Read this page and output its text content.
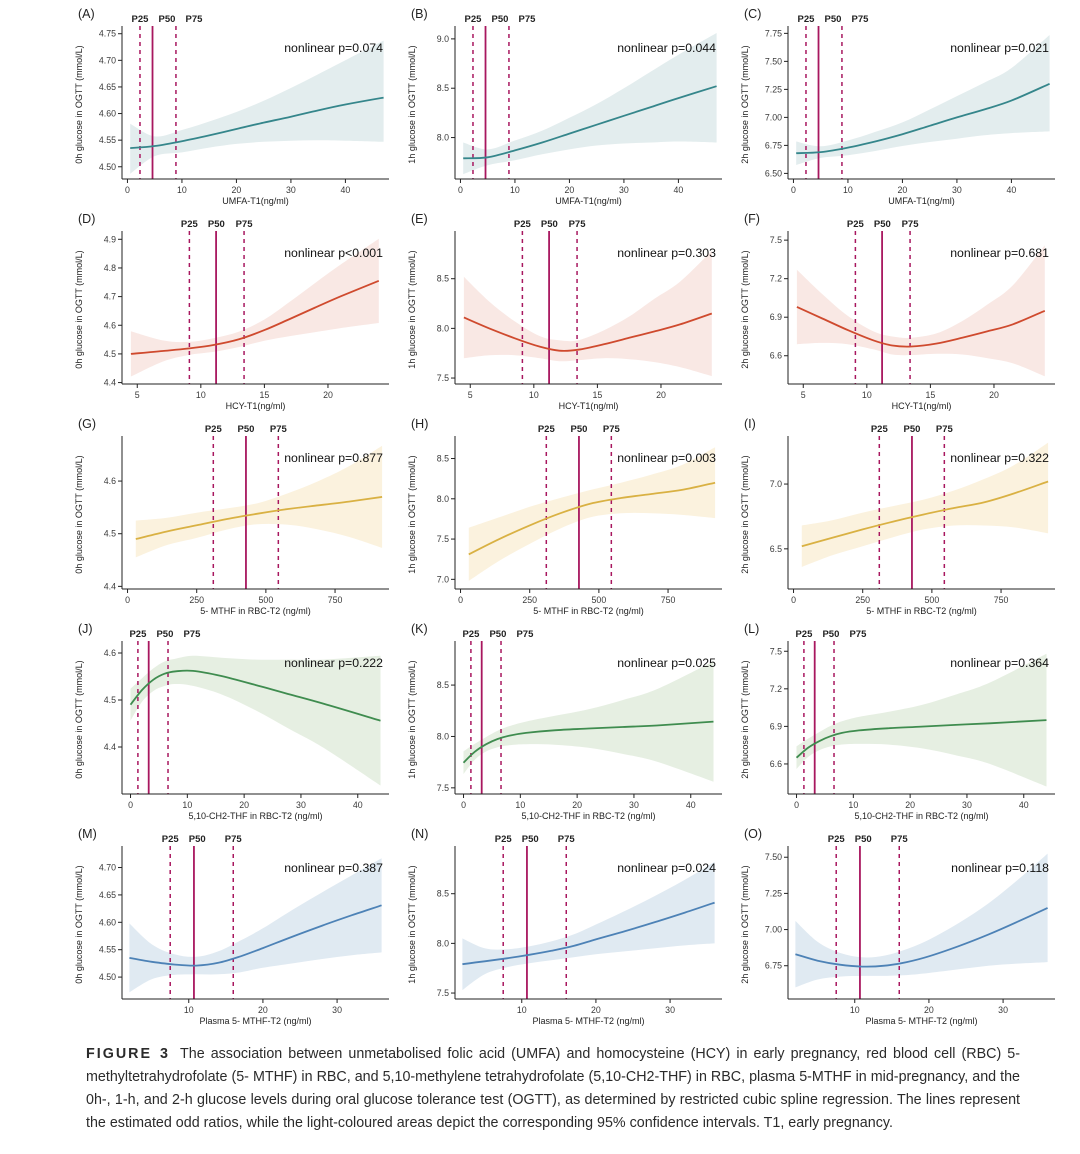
P25 P50 P75
4.50
4.55
4.60
4.65
4.70
4.75
0	10	20	30	40
UMFA-T1(ng/ml)
0h glucose in OGTT (mmol/L)
(A)
nonlinear p=0.074
P25 P50 P75
8.0
8.5
9.0
0	10	20	30	40
UMFA-T1(ng/ml)
1h glucose in OGTT (mmol/L)
(B)
nonlinear p=0.044
P25 P50 P75
6.50
6.75
7.00
7.25
7.50
7.75
0	10	20	30	40
UMFA-T1(ng/ml)
2h glucose in OGTT (mmol/L)
(C)
nonlinear p=0.021
P25 P50 P75
4.4
4.5
4.6
4.7
4.8
4.9
5	10	15	20
HCY-T1(ng/ml)
0h glucose in OGTT (mmol/L)
(D)
nonlinear p<0.001
P25 P50 P75
7.5
8.0
8.5
5	10	15	20
HCY-T1(ng/ml)
1h glucose in OGTT (mmol/L)
(E)
nonlinear p=0.303
P25 P50 P75
6.6
6.9
7.2
7.5
5	10	15	20
HCY-T1(ng/ml)
2h glucose in OGTT (mmol/L)
(F)
nonlinear p=0.681
P25 P50 P75
4.4
4.5
4.6
0	250	500	750
5- MTHF in RBC-T2 (ng/ml)
0h glucose in OGTT (mmol/L)
(G)
nonlinear p=0.877
P25 P50 P75
7.0
7.5
8.0
8.5
0	250	500	750
5- MTHF in RBC-T2 (ng/ml)
1h glucose in OGTT (mmol/L)
(H)
nonlinear p=0.003
P25 P50 P75
6.5
7.0
0	250	500	750
5- MTHF in RBC-T2 (ng/ml)
2h glucose in OGTT (mmol/L)
(I)
nonlinear p=0.322
P25 P50 P75
4.4
4.5
4.6
0	10	20	30	40
5,10-CH2-THF in RBC-T2 (ng/ml)
0h glucose in OGTT (mmol/L)
(J)
nonlinear p=0.222
P25 P50 P75
7.5
8.0
8.5
0	10	20	30	40
5,10-CH2-THF in RBC-T2 (ng/ml)
1h glucose in OGTT (mmol/L)
(K)
nonlinear p=0.025
P25 P50 P75
6.6
6.9
7.2
7.5
0	10	20	30	40
5,10-CH2-THF in RBC-T2 (ng/ml)
2h glucose in OGTT (mmol/L)
(L)
nonlinear p=0.364
P25 P50 P75
4.50
4.55
4.60
4.65
4.70
10	20	30
Plasma 5- MTHF-T2 (ng/ml)
0h glucose in OGTT (mmol/L)
(M)
nonlinear p=0.387
P25 P50 P75
7.5
8.0
8.5
10	20	30
Plasma 5- MTHF-T2 (ng/ml)
1h glucose in OGTT (mmol/L)
(N)
nonlinear p=0.024
P25 P50 P75
6.75
7.00
7.25
7.50
10	20	30
Plasma 5- MTHF-T2 (ng/ml)
2h glucose in OGTT (mmol/L)
(O)
nonlinear p=0.118
FIGURE 3 The association between unmetabolised folic acid (UMFA) and homocysteine (HCY) in early pregnancy, red blood cell (RBC) 5- methyltetrahydrofolate (5- MTHF) in RBC, and 5,10-methylene tetrahydrofolate (5,10-CH2-THF) in RBC, plasma 5-MTHF in mid-pregnancy, and the 0h-, 1-h, and 2-h glucose levels during oral glucose tolerance test (OGTT), as determined by restricted cubic spline regression. The lines represent the estimated odd ratios, while the light-coloured areas depict the corresponding 95% confidence intervals. T1, early pregnancy.
